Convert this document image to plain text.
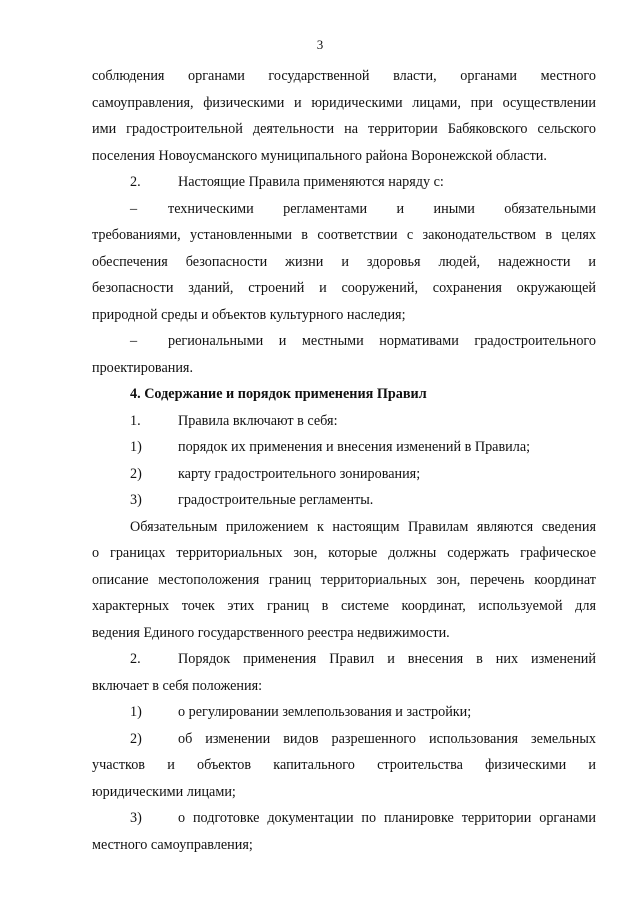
3

соблюдения органами государственной власти, органами местного
самоуправления, физическими и юридическими лицами, при осуществлении
ими градостроительной деятельности на территории Бабяковского сельского
поселения Новоусманского муниципального района Воронежской области.

2.	Настоящие Правила применяются наряду с:

– техническими регламентами и иными обязательными
требованиями, установленными в соответствии с законодательством в целях
обеспечения безопасности жизни и здоровья людей, надежности и
безопасности зданий, строений и сооружений, сохранения окружающей
природной среды и объектов культурного наследия;

– региональными и местными нормативами градостроительного
проектирования.

4. Содержание и порядок применения Правил

1.	Правила включают в себя:

1)	порядок их применения и внесения изменений в Правила;

2)	карту градостроительного зонирования;

3)	градостроительные регламенты.

Обязательным приложением к настоящим Правилам являются сведения
о границах территориальных зон, которые должны содержать графическое
описание местоположения границ территориальных зон, перечень координат
характерных точек этих границ в системе координат, используемой для
ведения Единого государственного реестра недвижимости.

2.	Порядок применения Правил и внесения в них изменений
включает в себя положения:

1)	о регулировании землепользования и застройки;

2)	об изменении видов разрешенного использования земельных
участков и объектов капитального строительства физическими и
юридическими лицами;

3)	о подготовке документации по планировке территории органами
местного самоуправления;
